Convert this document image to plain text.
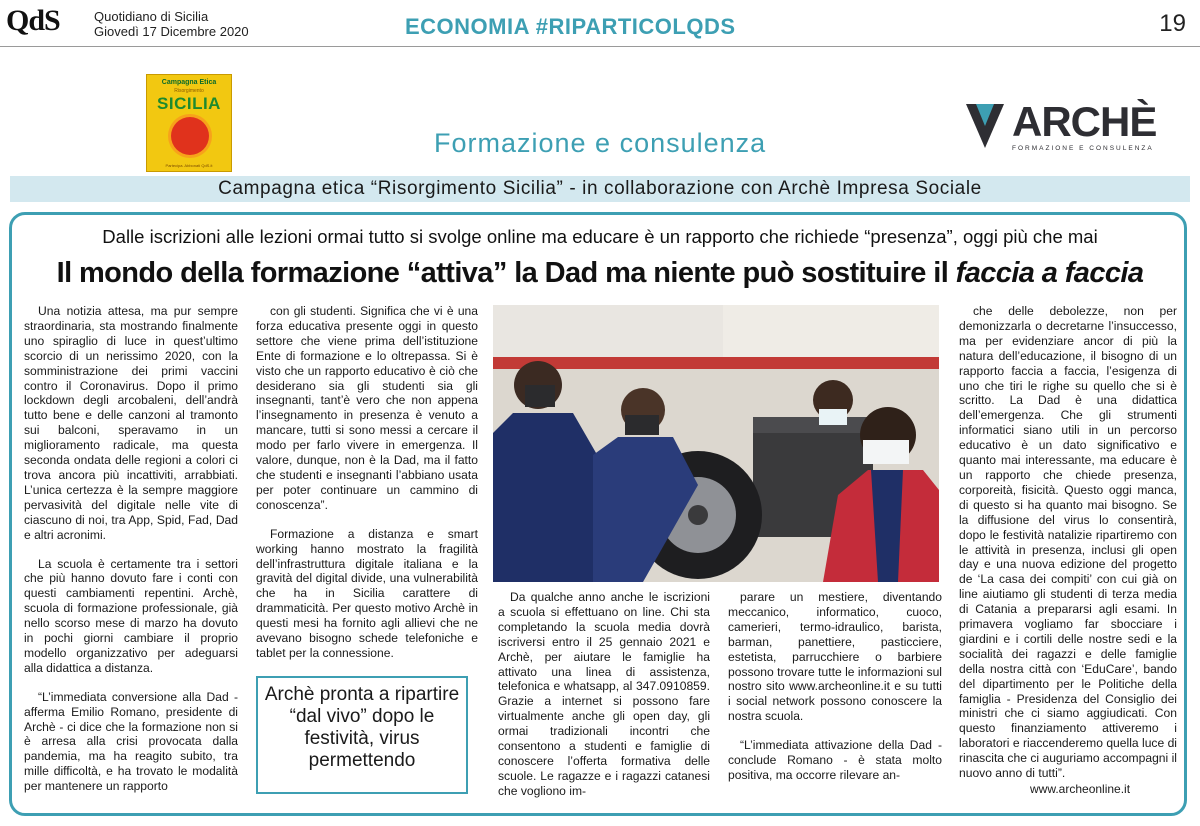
QdS	Quotidiano di Sicilia
Giovedì 17 Dicembre 2020	ECONOMIA #RIPARTICOLQDS	19
Campagna Etica
Risorgimento
SICILIA
Partecipa. Abbonati QdS.it
ARCHÈ
FORMAZIONE E CONSULENZA
Formazione e consulenza
Campagna etica “Risorgimento Sicilia” - in collaborazione con Archè Impresa Sociale
Dalle iscrizioni alle lezioni ormai tutto si svolge online ma educare è un rapporto che richiede “presenza”, oggi più che mai
Il mondo della formazione “attiva” la Dad ma niente può sostituire il faccia a faccia

Una notizia attesa, ma pur sempre straordinaria, sta mostrando finalmente uno spiraglio di luce in quest’ultimo scorcio di un nerissimo 2020, con la somministrazione dei primi vaccini contro il Coronavirus. Dopo il primo lockdown degli arcobaleni, dell’andrà tutto bene e delle canzoni al tramonto sui balconi, speravamo in un miglioramento radicale, ma questa seconda ondata delle regioni a colori ci trova ancora più incattiviti, arrabbiati. L’unica certezza è la sempre maggiore pervasività del digitale nelle vite di ciascuno di noi, tra App, Spid, Fad, Dad e altri acronimi.

La scuola è certamente tra i settori che più hanno dovuto fare i conti con questi cambiamenti repentini. Archè, scuola di formazione professionale, già nello scorso mese di marzo ha dovuto in pochi giorni cambiare il proprio modello organizzativo per adeguarsi alla didattica a distanza.

“L’immediata conversione alla Dad - afferma Emilio Romano, presidente di Archè - ci dice che la formazione non si è arresa alla crisi provocata dalla pandemia, ma ha reagito subito, tra mille difficoltà, e ha trovato le modalità per mantenere un rapporto

con gli studenti. Significa che vi è una forza educativa presente oggi in questo settore che viene prima dell’istituzione Ente di formazione e lo oltrepassa. Si è visto che un rapporto educativo è ciò che desiderano sia gli studenti sia gli insegnanti, tant’è vero che non appena l’insegnamento in presenza è venuto a mancare, tutti si sono messi a cercare il modo per farlo vivere in emergenza. Il valore, dunque, non è la Dad, ma il fatto che studenti e insegnanti l’abbiano usata per poter continuare un cammino di conoscenza”.

Formazione a distanza e smart working hanno mostrato la fragilità dell’infrastruttura digitale italiana e la gravità del digital divide, una vulnerabilità che ha in Sicilia carattere di drammaticità. Per questo motivo Archè in questi mesi ha fornito agli allievi che ne avevano bisogno schede telefoniche e tablet per la connessione.

Archè pronta a ripartire “dal vivo” dopo le festività, virus permettendo

Da qualche anno anche le iscrizioni a scuola si effettuano on line. Chi sta completando la scuola media dovrà iscriversi entro il 25 gennaio 2021 e Archè, per aiutare le famiglie ha attivato una linea di assistenza, telefonica e whatsapp, al 347.0910859. Grazie a internet si possono fare virtualmente anche gli open day, gli ormai tradizionali incontri che consentono a studenti e famiglie di conoscere l’offerta formativa delle scuole. Le ragazze e i ragazzi catanesi che vogliono im-

parare un mestiere, diventando meccanico, informatico, cuoco, camerieri, termo-idraulico, barista, barman, panettiere, pasticciere, estetista, parrucchiere o barbiere possono trovare tutte le informazioni sul nostro sito www.archeonline.it e su tutti i social network possono conoscere la nostra scuola.

“L’immediata attivazione della Dad - conclude Romano - è stata molto positiva, ma occorre rilevare an-

che delle debolezze, non per demonizzarla o decretarne l’insuccesso, ma per evidenziare ancor di più la natura dell’educazione, il bisogno di un rapporto faccia a faccia, l’esigenza di uno che tiri le righe su quello che si è scritto. La Dad è una didattica dell’emergenza. Che gli strumenti informatici siano utili in un percorso educativo è un dato significativo e quanto mai interessante, ma educare è un rapporto che chiede presenza, corporeità, fisicità. Questo oggi manca, di questo si ha quanto mai bisogno. Se la diffusione del virus lo consentirà, dopo le festività natalizie ripartiremo con le attività in presenza, inclusi gli open day e una nuova edizione del progetto de ‘La casa dei compiti’ con cui già on line aiutiamo gli studenti di terza media di Catania a prepararsi agli esami. In primavera vogliamo far sbocciare i giardini e i cortili delle nostre sedi e la socialità dei ragazzi e delle famiglie della nostra città con ‘EduCare’, bando del dipartimento per le Politiche della famiglia - Presidenza del Consiglio dei ministri che ci siamo aggiudicati. Con questo finanziamento attiveremo i laboratori e riaccenderemo quella luce di rinascita che ci auguriamo accompagni il nuovo anno di tutti”.

www.archeonline.it
